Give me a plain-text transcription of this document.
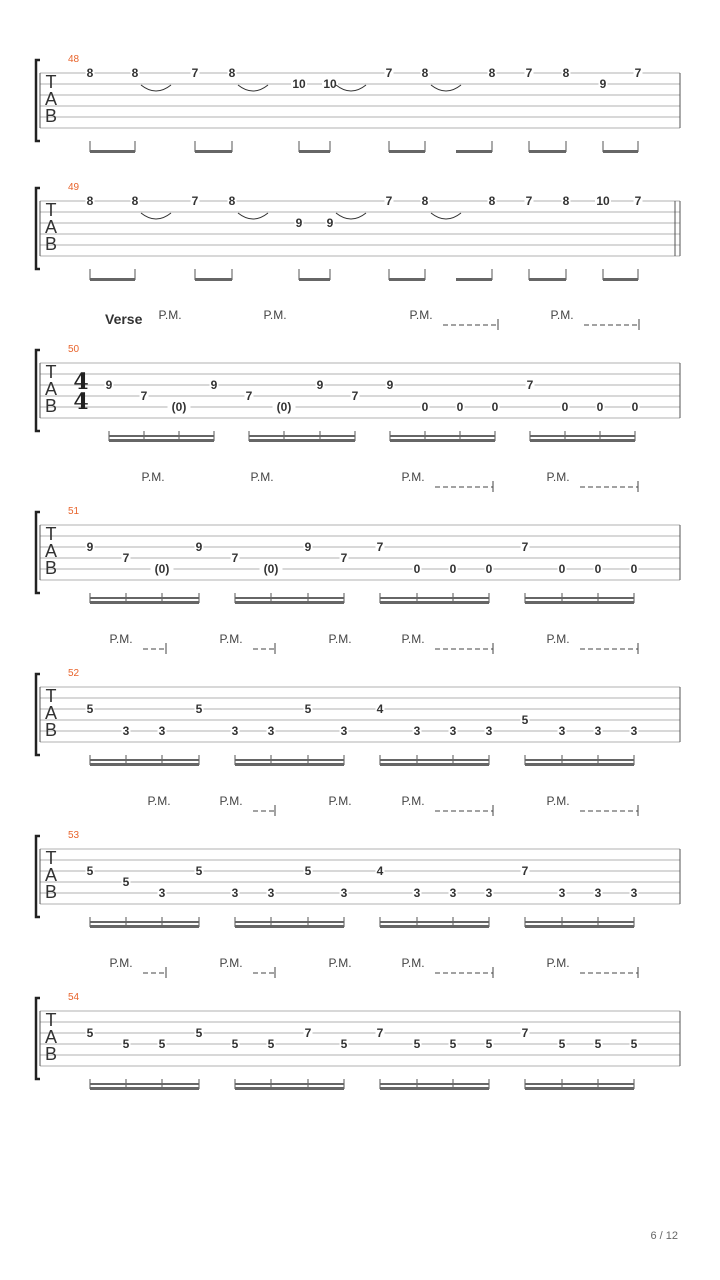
T
A
B
48
8	8	7	8
10 10
7 8	8	7	8
9
7
T
A
B
49
8	8	7	8
9 9
7 8	8	7	8 10 7
T
A
B
50
4
4
Verse
9
7
(0)
9
7
(0)
9
7
9
0 0 0
7
0 0 0
P.M.	P.M.	P.M.	P.M.
T
A
B
51
9
7
(0)
9
7
(0)
9
7
7
0 0 0
7
0 0 0
P.M.	P.M.	P.M.	P.M.
T
A
B
52
5
3 3
5
3 3
5
3
4
3 3 3
5
3 3 3
P.M.	P.M.	P.M.	P.M.	P.M.
T
A
B
53
5
5
3
5
3 3
5
3
4
3 3 3
7
3 3 3
P.M.	P.M.	P.M.	P.M.	P.M.
T
A
B
54
5
5 5
5
5 5
7
5
7
5 5 5
7
5 5 5
P.M.	P.M.	P.M.	P.M.	P.M.
6 / 12
